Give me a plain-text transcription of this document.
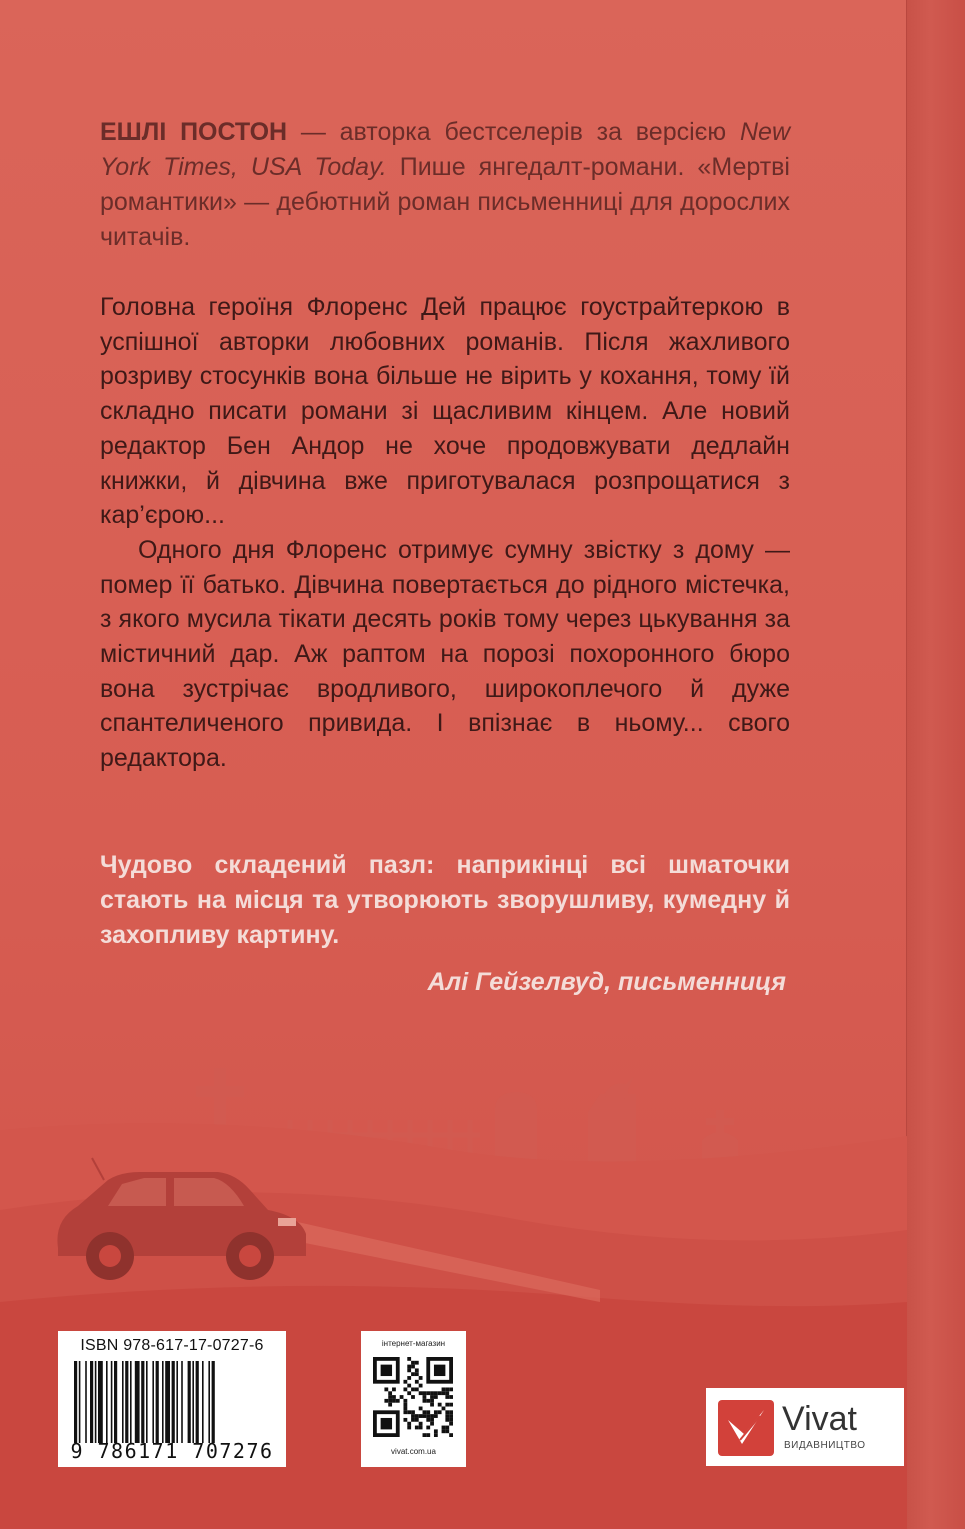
ЕШЛІ ПОСТОН — авторка бестселерів за версією New York Times, USA Today. Пише янгедалт-романи. «Мертві романтики» — дебютний роман письменниці для дорослих читачів.

Головна героїня Флоренс Дей працює гоустрайтеркою в успішної авторки любовних романів. Після жахливого розриву стосунків вона більше не вірить у кохання, тому їй складно писати романи зі щасливим кінцем. Але новий редактор Бен Андор не хоче продовжувати дедлайн книжки, й дівчина вже приготувалася розпрощатися з кар’єрою...

Одного дня Флоренс отримує сумну звістку з дому — помер її батько. Дівчина повертається до рідного містечка, з якого мусила тікати десять років тому через цькування за містичний дар. Аж раптом на порозі похоронного бюро вона зустрічає вродливого, широкоплечого й дуже спантеличеного привида. І впізнає в ньому... свого редактора.

Чудово складений пазл: наприкінці всі шматочки стають на місця та утворюють зворушливу, кумедну й захопливу картину.

Алі Гейзелвуд, письменниця
ISBN 978-617-17-0727-6
9 786171 707276
інтернет-магазин
vivat.com.ua
Vivat
ВИДАВНИЦТВО
